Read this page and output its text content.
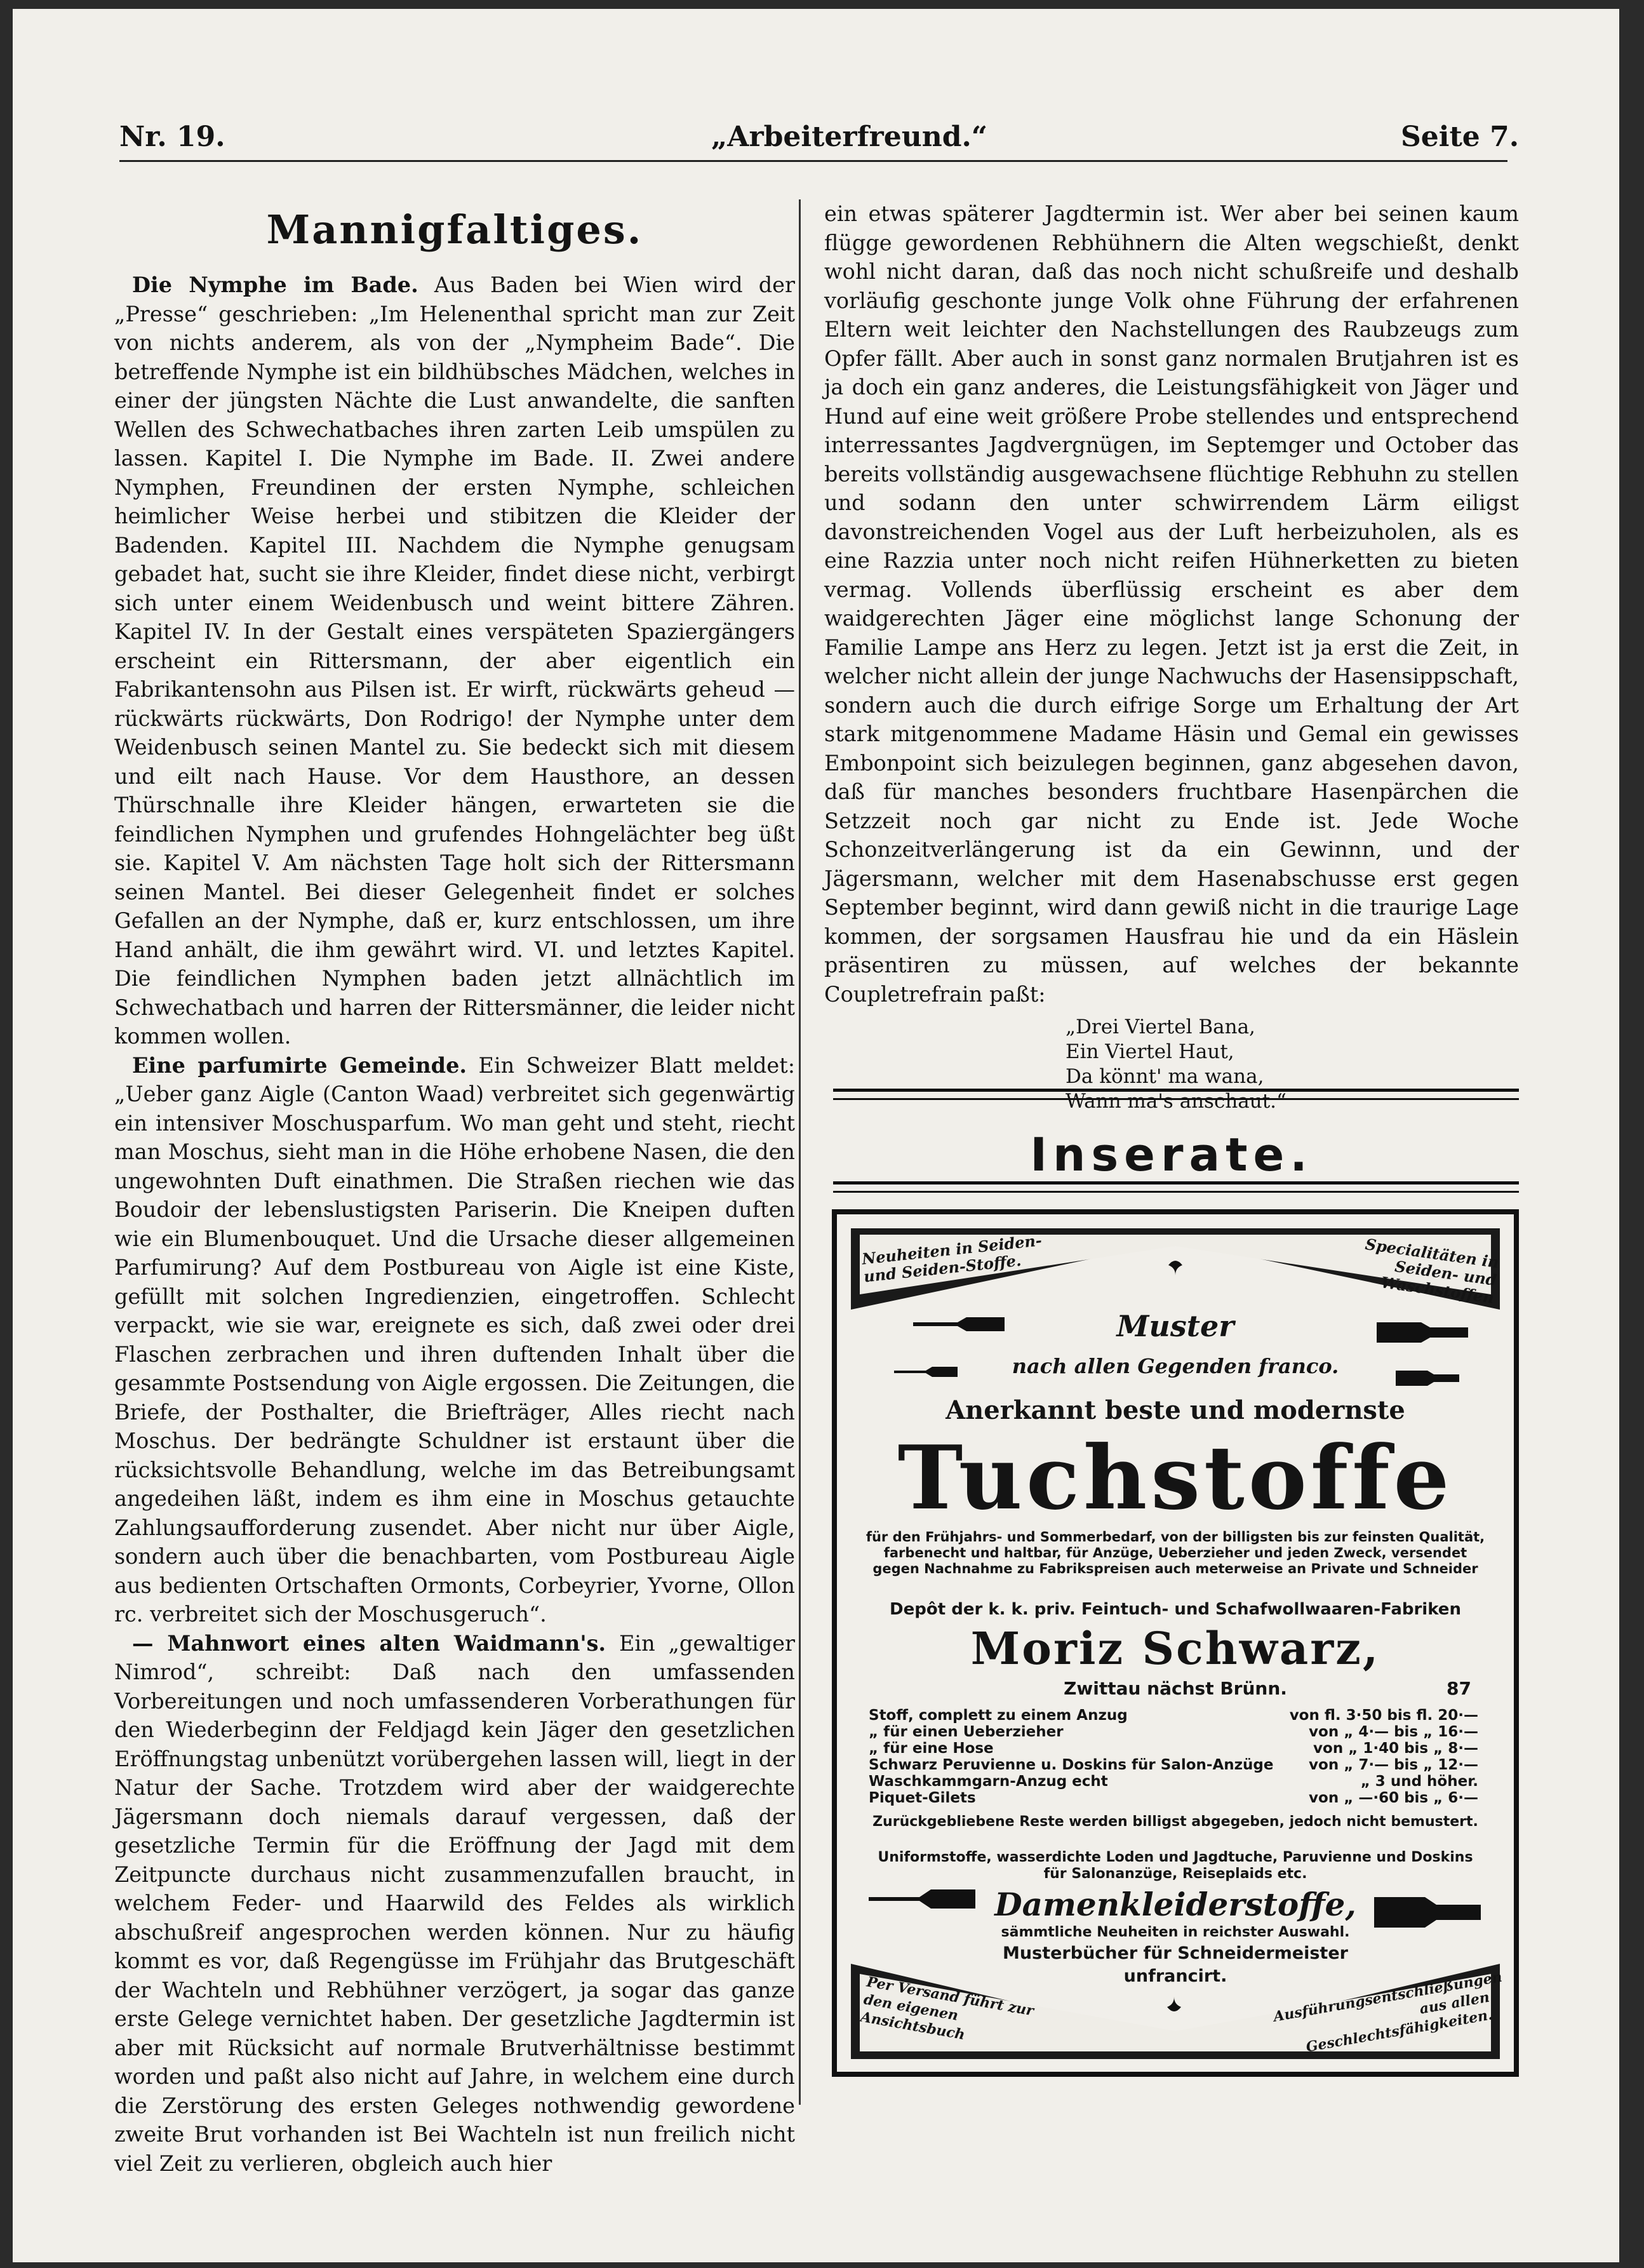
Nr. 19.	„Arbeiterfreund.“	Seite 7.
Mannigfaltiges.

Die Nymphe im Bade. Aus Baden bei Wien wird der „Presse“ geschrieben: „Im Helenenthal spricht man zur Zeit von nichts anderem, als von der „Nympheim Bade“. Die betreffende Nymphe ist ein bildhübsches Mädchen, welches in einer der jüngsten Nächte die Lust anwandelte, die sanften Wellen des Schwechatbaches ihren zarten Leib umspülen zu lassen. Kapitel I. Die Nymphe im Bade. II. Zwei andere Nymphen, Freundinen der ersten Nymphe, schleichen heimlicher Weise herbei und stibitzen die Kleider der Badenden. Kapitel III. Nachdem die Nymphe genugsam gebadet hat, sucht sie ihre Kleider, findet diese nicht, verbirgt sich unter einem Weidenbusch und weint bittere Zähren. Kapitel IV. In der Gestalt eines verspäteten Spaziergängers erscheint ein Rittersmann, der aber eigentlich ein Fabrikantensohn aus Pilsen ist. Er wirft, rückwärts geheud — rückwärts rückwärts, Don Rodrigo! der Nymphe unter dem Weidenbusch seinen Mantel zu. Sie bedeckt sich mit diesem und eilt nach Hause. Vor dem Hausthore, an dessen Thürschnalle ihre Kleider hängen, erwarteten sie die feindlichen Nymphen und grufendes Hohngelächter beg üßt sie. Kapitel V. Am nächsten Tage holt sich der Rittersmann seinen Mantel. Bei dieser Gelegenheit findet er solches Gefallen an der Nymphe, daß er, kurz entschlossen, um ihre Hand anhält, die ihm gewährt wird. VI. und letztes Kapitel. Die feindlichen Nymphen baden jetzt allnächtlich im Schwechatbach und harren der Rittersmänner, die leider nicht kommen wollen.

Eine parfumirte Gemeinde. Ein Schweizer Blatt meldet: „Ueber ganz Aigle (Canton Waad) verbreitet sich gegenwärtig ein intensiver Moschusparfum. Wo man geht und steht, riecht man Moschus, sieht man in die Höhe erhobene Nasen, die den ungewohnten Duft einathmen. Die Straßen riechen wie das Boudoir der lebenslustigsten Pariserin. Die Kneipen duften wie ein Blumenbouquet. Und die Ursache dieser allgemeinen Parfumirung? Auf dem Postbureau von Aigle ist eine Kiste, gefüllt mit solchen Ingredienzien, eingetroffen. Schlecht verpackt, wie sie war, ereignete es sich, daß zwei oder drei Flaschen zerbrachen und ihren duftenden Inhalt über die gesammte Postsendung von Aigle ergossen. Die Zeitungen, die Briefe, der Posthalter, die Briefträger, Alles riecht nach Moschus. Der bedrängte Schuldner ist erstaunt über die rücksichtsvolle Behandlung, welche im das Betreibungsamt angedeihen läßt, indem es ihm eine in Moschus getauchte Zahlungsaufforderung zusendet. Aber nicht nur über Aigle, sondern auch über die benachbarten, vom Postbureau Aigle aus bedienten Ortschaften Ormonts, Corbeyrier, Yvorne, Ollon rc. verbreitet sich der Moschusgeruch“.

— Mahnwort eines alten Waidmann's. Ein „gewaltiger Nimrod“, schreibt: Daß nach den umfassenden Vorbereitungen und noch umfassenderen Vorberathungen für den Wiederbeginn der Feldjagd kein Jäger den gesetzlichen Eröffnungstag unbenützt vorübergehen lassen will, liegt in der Natur der Sache. Trotzdem wird aber der waidgerechte Jägersmann doch niemals darauf vergessen, daß der gesetzliche Termin für die Eröffnung der Jagd mit dem Zeitpuncte durchaus nicht zusammenzufallen braucht, in welchem Feder- und Haarwild des Feldes als wirklich abschußreif angesprochen werden können. Nur zu häufig kommt es vor, daß Regengüsse im Frühjahr das Brutgeschäft der Wachteln und Rebhühner verzögert, ja sogar das ganze erste Gelege vernichtet haben. Der gesetzliche Jagdtermin ist aber mit Rücksicht auf normale Brutverhältnisse bestimmt worden und paßt also nicht auf Jahre, in welchem eine durch die Zerstörung des ersten Geleges nothwendig gewordene zweite Brut vorhanden ist Bei Wachteln ist nun freilich nicht viel Zeit zu verlieren, obgleich auch hier

ein etwas späterer Jagdtermin ist. Wer aber bei seinen kaum flügge gewordenen Rebhühnern die Alten wegschießt, denkt wohl nicht daran, daß das noch nicht schußreife und deshalb vorläufig geschonte junge Volk ohne Führung der erfahrenen Eltern weit leichter den Nachstellungen des Raubzeugs zum Opfer fällt. Aber auch in sonst ganz normalen Brutjahren ist es ja doch ein ganz anderes, die Leistungsfähigkeit von Jäger und Hund auf eine weit größere Probe stellendes und entsprechend interressantes Jagdvergnügen, im Septemger und October das bereits vollständig ausgewachsene flüchtige Rebhuhn zu stellen und sodann den unter schwirrendem Lärm eiligst davonstreichenden Vogel aus der Luft herbeizuholen, als es eine Razzia unter noch nicht reifen Hühnerketten zu bieten vermag. Vollends überflüssig erscheint es aber dem waidgerechten Jäger eine möglichst lange Schonung der Familie Lampe ans Herz zu legen. Jetzt ist ja erst die Zeit, in welcher nicht allein der junge Nachwuchs der Hasensippschaft, sondern auch die durch eifrige Sorge um Erhaltung der Art stark mitgenommene Madame Häsin und Gemal ein gewisses Embonpoint sich beizulegen beginnen, ganz abgesehen davon, daß für manches besonders fruchtbare Hasenpärchen die Setzzeit noch gar nicht zu Ende ist. Jede Woche Schonzeitverlängerung ist da ein Gewinnn, und der Jägersmann, welcher mit dem Hasenabschusse erst gegen September beginnt, wird dann gewiß nicht in die traurige Lage kommen, der sorgsamen Hausfrau hie und da ein Häslein präsentiren zu müssen, auf welches der bekannte Coupletrefrain paßt:

„Drei Viertel Bana,
Ein Viertel Haut,
Da könnt' ma wana,
Wann ma's anschaut.“
Inserate.
Neuheiten in Seiden- und Seiden-Stoffe.	Specialitäten in Seiden- und Waschstoffen
Muster
nach allen Gegenden franco.
Anerkannt beste und modernste
Tuchstoffe
für den Frühjahrs- und Sommerbedarf, von der billigsten bis zur feinsten Qualität, farbenecht und haltbar, für Anzüge, Ueberzieher und jeden Zweck, versendet gegen Nachnahme zu Fabrikspreisen auch meterweise an Private und Schneider
Depôt der k. k. priv. Feintuch- und Schafwollwaaren-Fabriken
Moriz Schwarz,
Zwittau nächst Brünn.	87
Stoff, complett zu einem Anzug	von fl. 3·50 bis fl. 20·—
„ für einen Ueberzieher	von „ 4·— bis „ 16·—
„ für eine Hose	von „ 1·40 bis „ 8·—
Schwarz Peruvienne u. Doskins für Salon-Anzüge von „ 7·— bis „ 12·—
Waschkammgarn-Anzug echt	„ 3 und höher.
Piquet-Gilets	von „ —·60 bis „ 6·—
Zurückgebliebene Reste werden billigst abgegeben, jedoch nicht bemustert.
Uniformstoffe, wasserdichte Loden und Jagdtuche, Paruvienne und Doskins für Salonanzüge, Reiseplaids etc.
Damenkleiderstoffe,
sämmtliche Neuheiten in reichster Auswahl.
Musterbücher für Schneidermeister
unfrancirt.
Per Versand führt zur den eigenen Ansichtsbuch
Ausführungsentschließungen aus allen Geschlechtsfähigkeiten.
